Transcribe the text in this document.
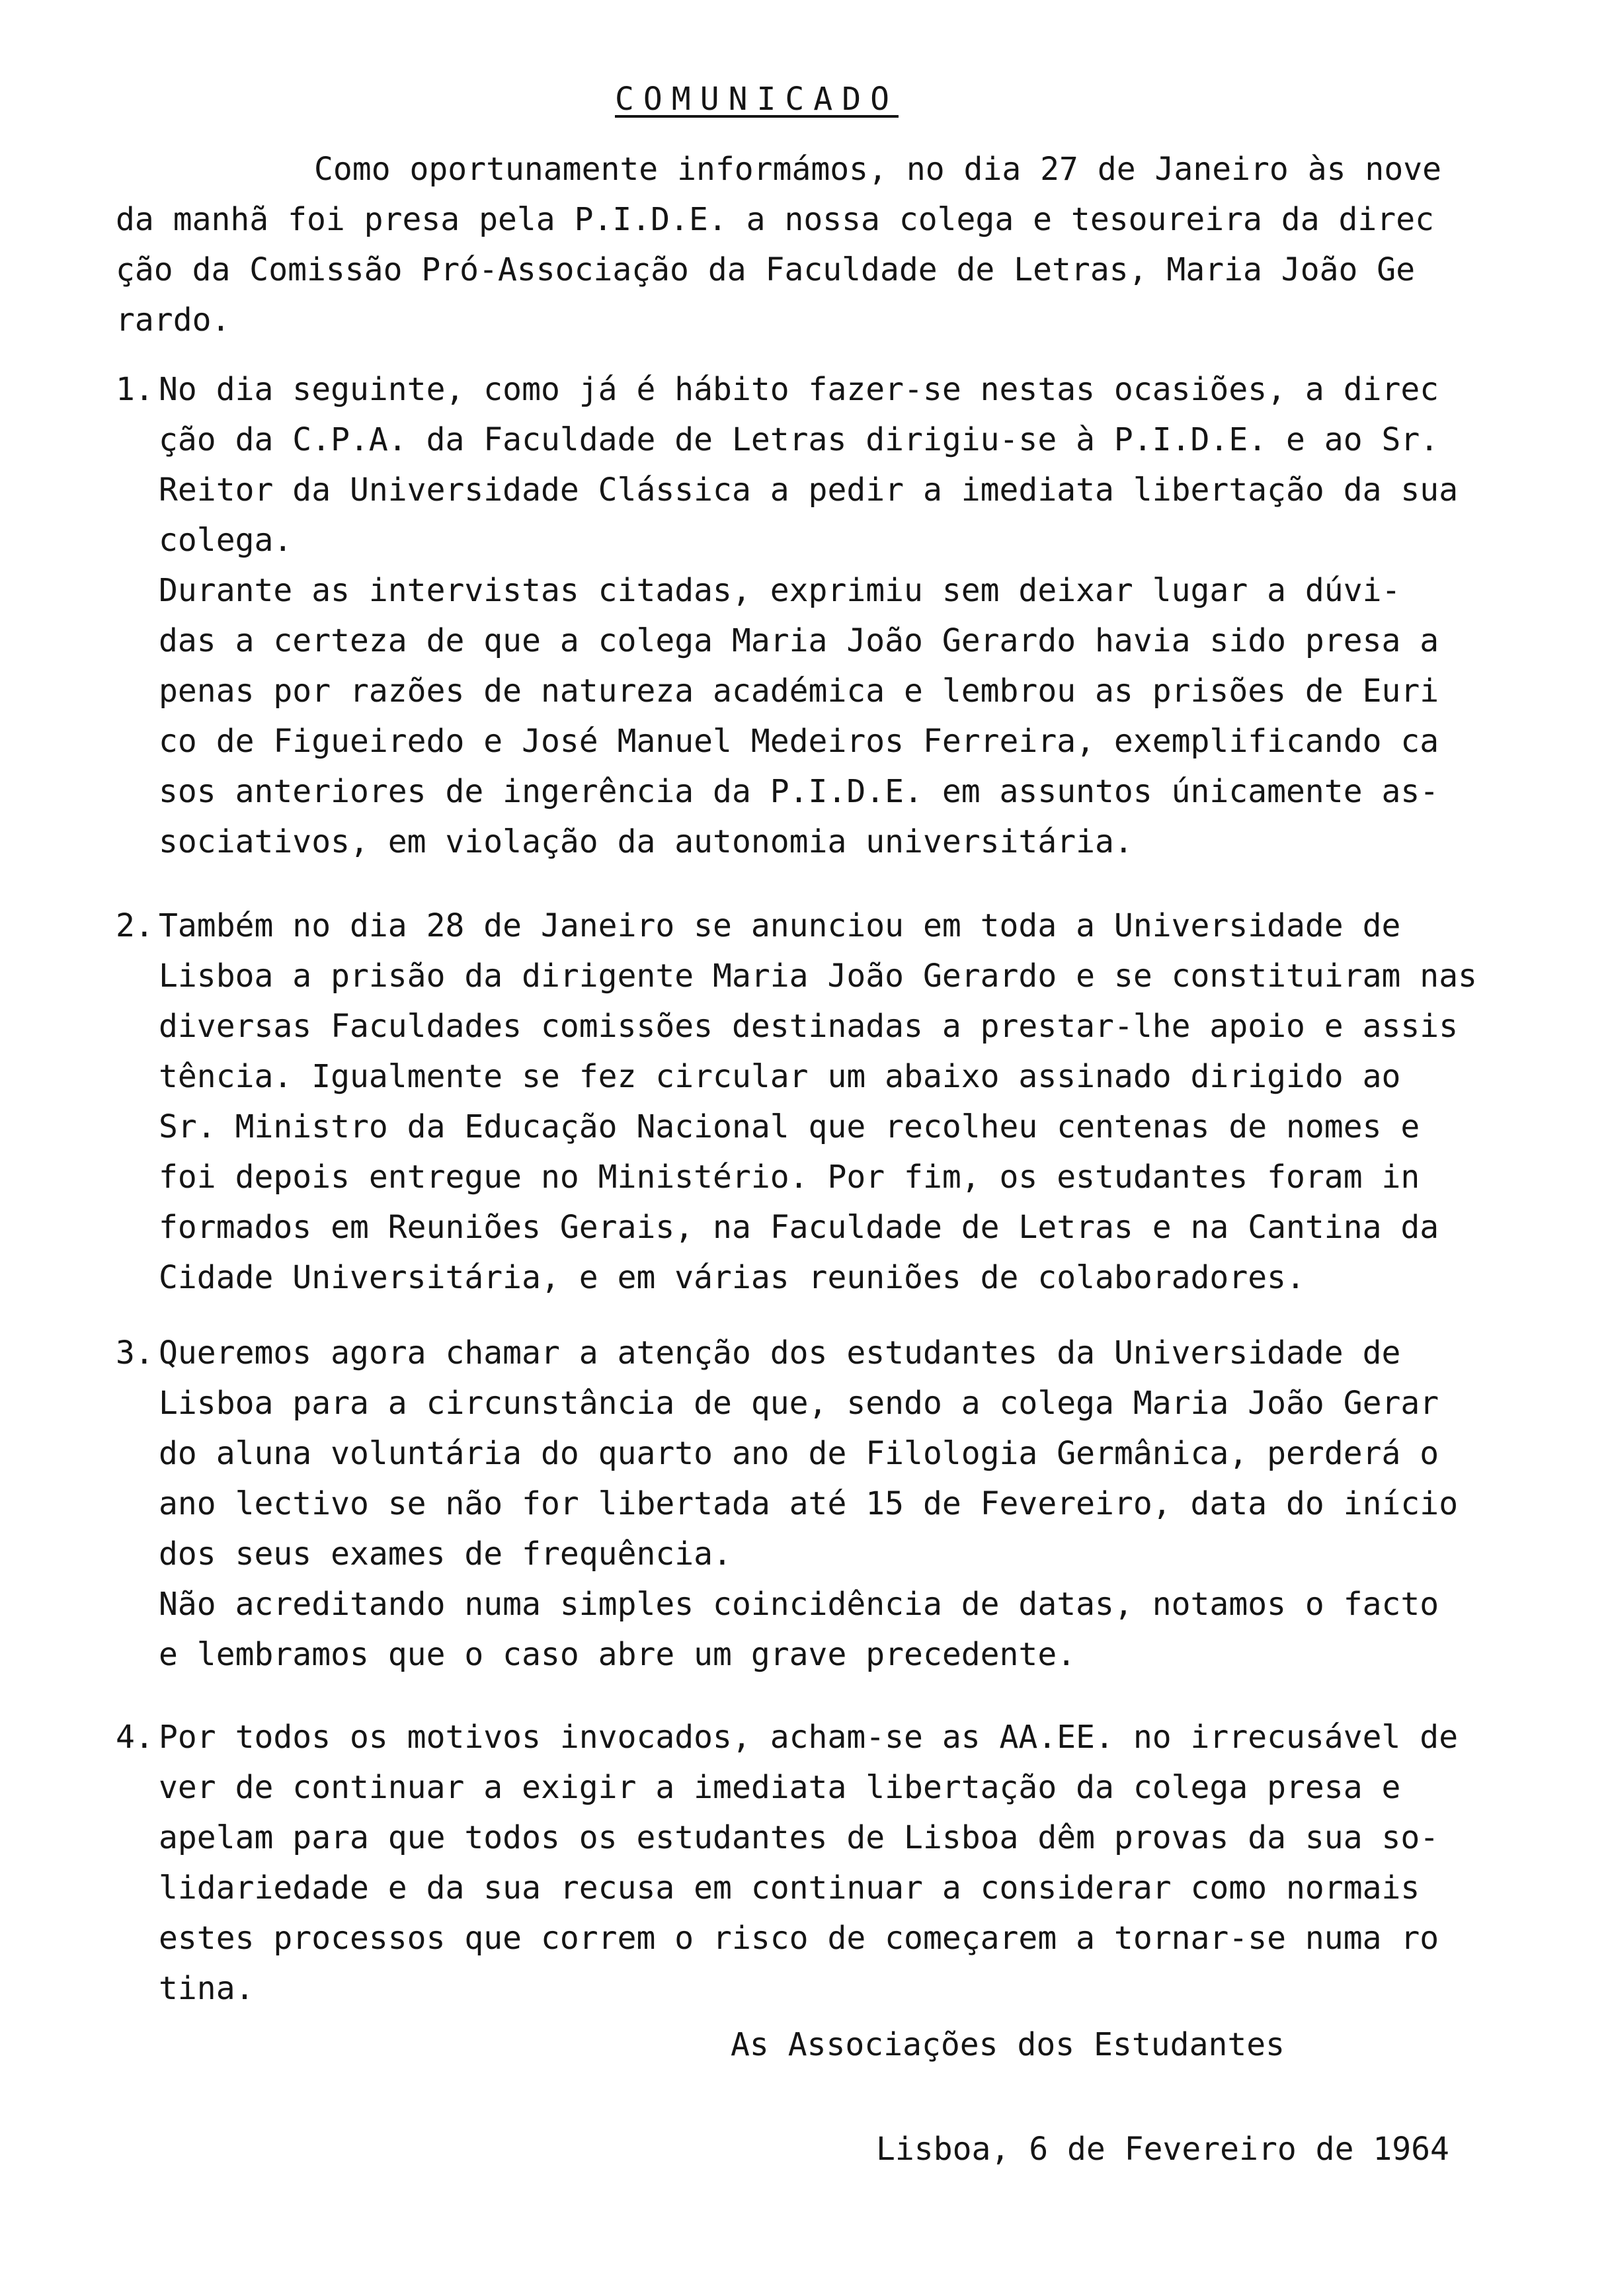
COMUNICADO
Como oportunamente informámos, no dia 27 de Janeiro às nove
da manhã foi presa pela P.I.D.E. a nossa colega e tesoureira da direc
ção da Comissão Pró-Associação da Faculdade de Letras, Maria João Ge
rardo.
1. No dia seguinte, como já é hábito fazer-se nestas ocasiões, a direc
ção da C.P.A. da Faculdade de Letras dirigiu-se à P.I.D.E. e ao Sr.
Reitor da Universidade Clássica a pedir a imediata libertação da sua
colega.
Durante as intervistas citadas, exprimiu sem deixar lugar a dúvi-
das a certeza de que a colega Maria João Gerardo havia sido presa a
penas por razões de natureza académica e lembrou as prisões de Euri
co de Figueiredo e José Manuel Medeiros Ferreira, exemplificando ca
sos anteriores de ingerência da P.I.D.E. em assuntos únicamente as-
sociativos, em violação da autonomia universitária.
2. Também no dia 28 de Janeiro se anunciou em toda a Universidade de
Lisboa a prisão da dirigente Maria João Gerardo e se constituiram nas
diversas Faculdades comissões destinadas a prestar-lhe apoio e assis
tência. Igualmente se fez circular um abaixo assinado dirigido ao
Sr. Ministro da Educação Nacional que recolheu centenas de nomes e
foi depois entregue no Ministério. Por fim, os estudantes foram in
formados em Reuniões Gerais, na Faculdade de Letras e na Cantina da
Cidade Universitária, e em várias reuniões de colaboradores.
3. Queremos agora chamar a atenção dos estudantes da Universidade de
Lisboa para a circunstância de que, sendo a colega Maria João Gerar
do aluna voluntária do quarto ano de Filologia Germânica, perderá o
ano lectivo se não for libertada até 15 de Fevereiro, data do início
dos seus exames de frequência.
Não acreditando numa simples coincidência de datas, notamos o facto
e lembramos que o caso abre um grave precedente.
4. Por todos os motivos invocados, acham-se as AA.EE. no irrecusável de
ver de continuar a exigir a imediata libertação da colega presa e
apelam para que todos os estudantes de Lisboa dêm provas da sua so-
lidariedade e da sua recusa em continuar a considerar como normais
estes processos que correm o risco de começarem a tornar-se numa ro
tina.
As Associações dos Estudantes
Lisboa, 6 de Fevereiro de 1964
